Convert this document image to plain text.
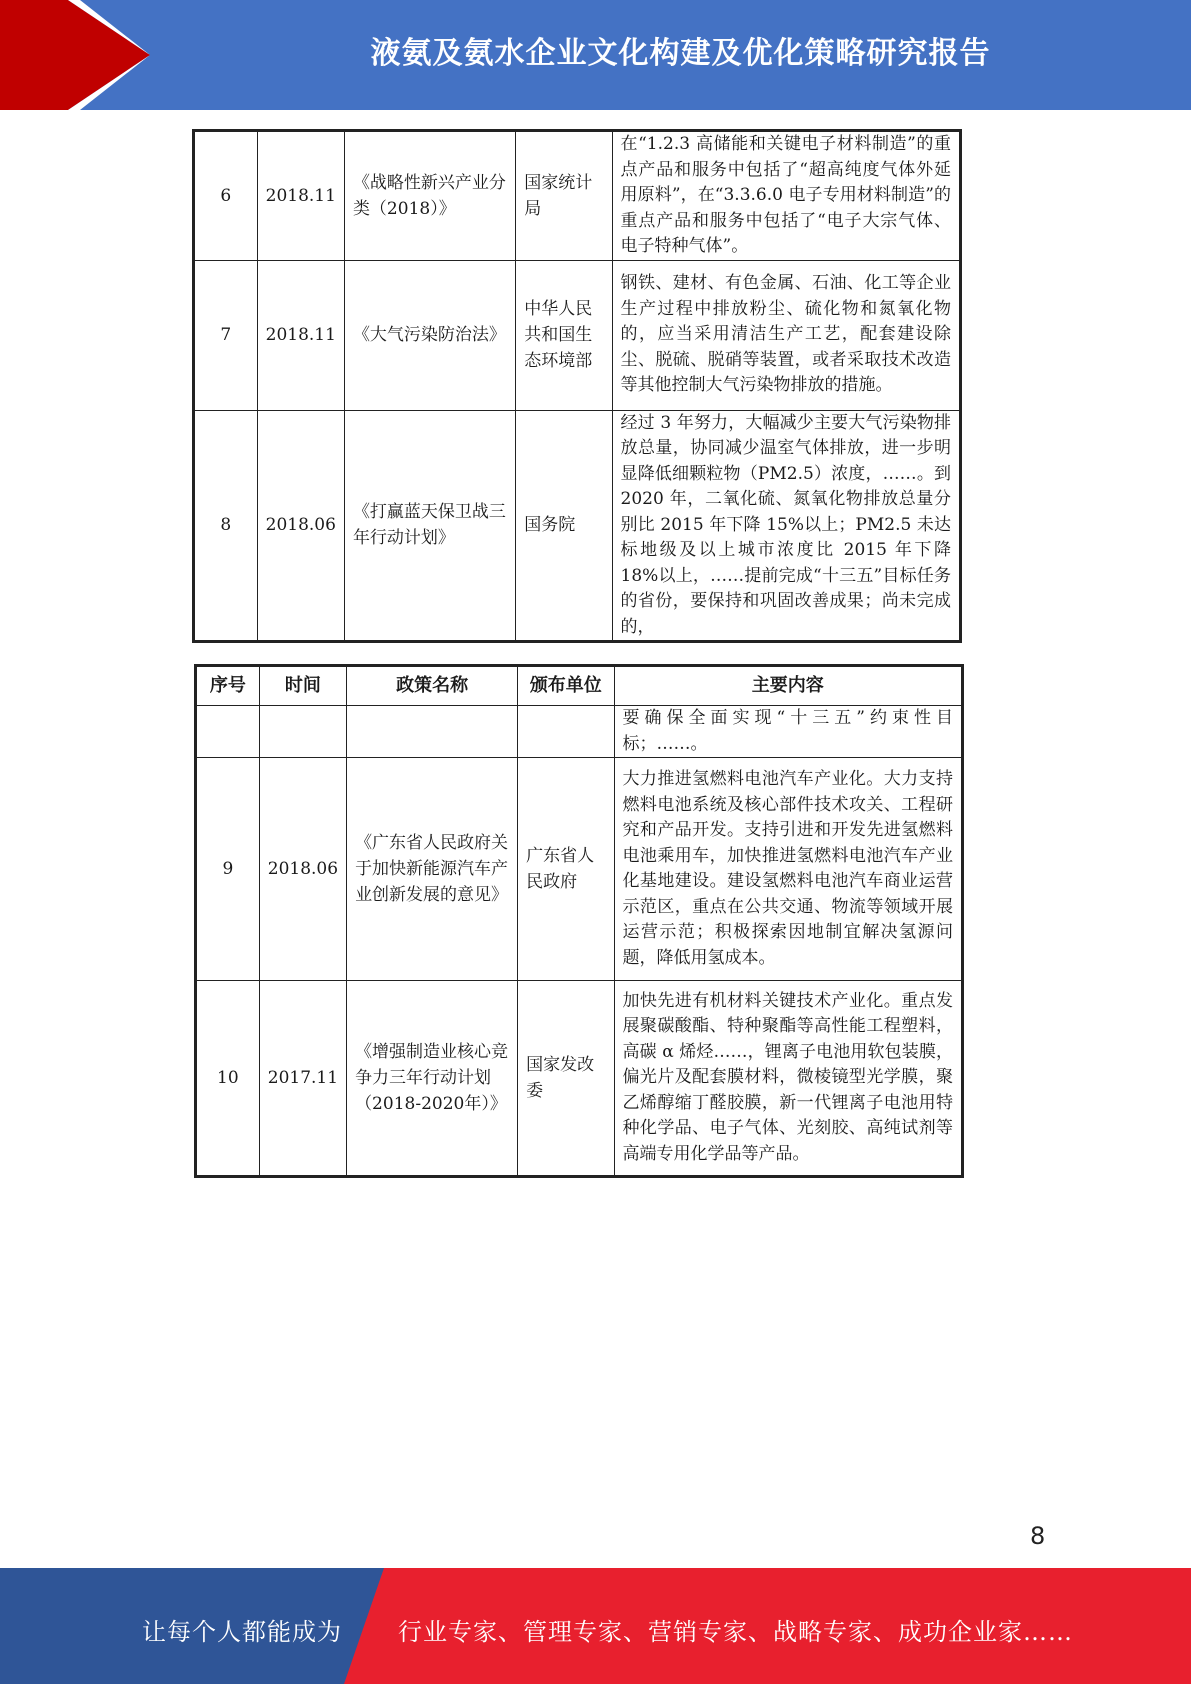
液氨及氨水企业文化构建及优化策略研究报告
6	2018.11	《战略性新兴产业分类（2018）》	国家统计局	在“1.2.3 高储能和关键电子材料制造”的重点产品和服务中包括了“超高纯度气体外延用原料”，在“3.3.6.0 电子专用材料制造”的重点产品和服务中包括了“电子大宗气体、电子特种气体”。
7	2018.11	《大气污染防治法》	中华人民共和国生态环境部	钢铁、建材、有色金属、石油、化工等企业生产过程中排放粉尘、硫化物和氮氧化物的，应当采用清洁生产工艺，配套建设除尘、脱硫、脱硝等装置，或者采取技术改造等其他控制大气污染物排放的措施。
8	2018.06	《打赢蓝天保卫战三年行动计划》	国务院	经过 3 年努力，大幅减少主要大气污染物排放总量，协同减少温室气体排放，进一步明显降低细颗粒物（PM2.5）浓度，……。到 2020 年，二氧化硫、氮氧化物排放总量分别比 2015 年下降 15%以上；PM2.5 未达标地级及以上城市浓度比 2015 年下降 18%以上，……提前完成“十三五”目标任务的省份，要保持和巩固改善成果；尚未完成的，
序号	时间	政策名称	颁布单位	主要内容
				要确保全面实现“十三五”约束性目标；……。
9	2018.06	《广东省人民政府关于加快新能源汽车产业创新发展的意见》	广东省人民政府	大力推进氢燃料电池汽车产业化。大力支持燃料电池系统及核心部件技术攻关、工程研究和产品开发。支持引进和开发先进氢燃料电池乘用车，加快推进氢燃料电池汽车产业化基地建设。建设氢燃料电池汽车商业运营示范区，重点在公共交通、物流等领域开展运营示范；积极探索因地制宜解决氢源问题，降低用氢成本。
10	2017.11	《增强制造业核心竞争力三年行动计划（2018-2020年）》	国家发改委	加快先进有机材料关键技术产业化。重点发展聚碳酸酯、特种聚酯等高性能工程塑料，高碳 α 烯烃……，锂离子电池用软包装膜，偏光片及配套膜材料，微棱镜型光学膜，聚乙烯醇缩丁醛胶膜，新一代锂离子电池用特种化学品、电子气体、光刻胶、高纯试剂等高端专用化学品等产品。
8
让每个人都能成为 行业专家、管理专家、营销专家、战略专家、成功企业家……
